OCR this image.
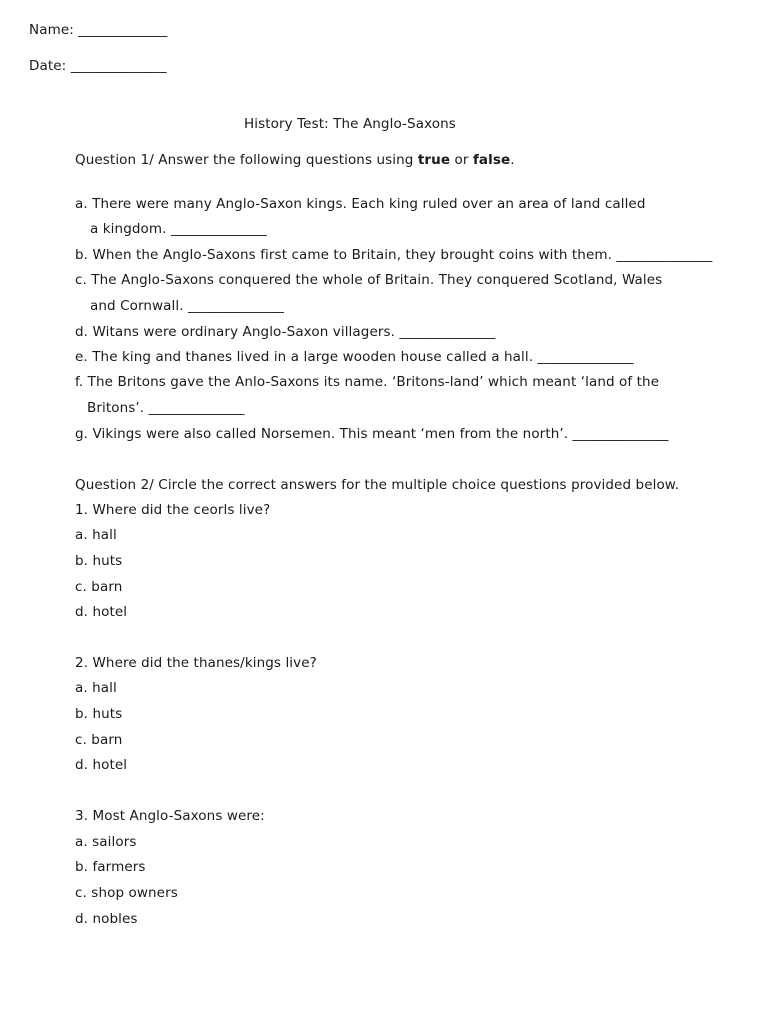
Name: _____________
Date: ______________
History Test: The Anglo-Saxons
Question 1/ Answer the following questions using true or false.
a. There were many Anglo-Saxon kings. Each king ruled over an area of land called
a kingdom. ______________
b. When the Anglo-Saxons first came to Britain, they brought coins with them. ______________
c. The Anglo-Saxons conquered the whole of Britain. They conquered Scotland, Wales
and Cornwall. ______________
d. Witans were ordinary Anglo-Saxon villagers. ______________
e. The king and thanes lived in a large wooden house called a hall. ______________
f. The Britons gave the Anlo-Saxons its name. ‘Britons-land’ which meant ‘land of the
Britons’. ______________
g. Vikings were also called Norsemen. This meant ‘men from the north’. ______________
Question 2/ Circle the correct answers for the multiple choice questions provided below.
1. Where did the ceorls live?
a. hall
b. huts
c. barn
d. hotel
2. Where did the thanes/kings live?
a. hall
b. huts
c. barn
d. hotel
3. Most Anglo-Saxons were:
a. sailors
b. farmers
c. shop owners
d. nobles
